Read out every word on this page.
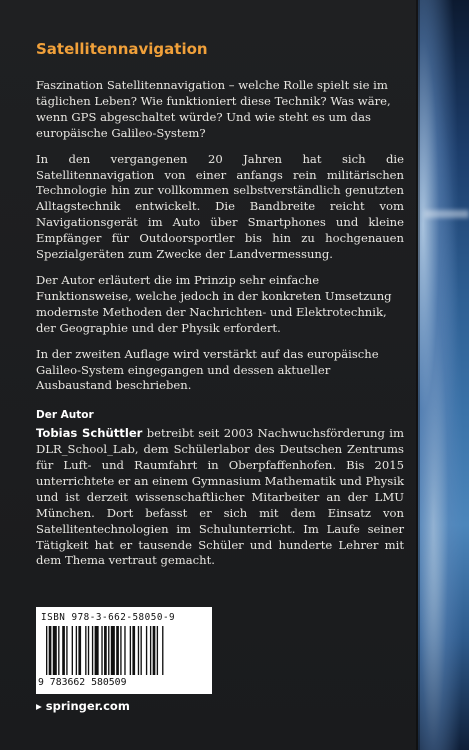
Satellitennavigation

Faszination Satellitennavigation – welche Rolle spielt sie im täglichen Leben? Wie funktioniert diese Technik? Was wäre, wenn GPS abgeschaltet würde? Und wie steht es um das europäische Galileo-System?

In den vergangenen 20 Jahren hat sich die Satellitennavigation von einer anfangs rein militärischen Technologie hin zur vollkommen selbstverständlich genutzten Alltagstechnik entwickelt. Die Bandbreite reicht vom Navigationsgerät im Auto über Smartphones und kleine Empfänger für Outdoorsportler bis hin zu hochgenauen Spezialgeräten zum Zwecke der Landvermessung.

Der Autor erläutert die im Prinzip sehr einfache Funktionsweise, welche jedoch in der konkreten Umsetzung modernste Methoden der Nachrichten- und Elektrotechnik, der Geographie und der Physik erfordert.

In der zweiten Auflage wird verstärkt auf das europäische Galileo-System eingegangen und dessen aktueller Ausbaustand beschrieben.

Der Autor

Tobias Schüttler betreibt seit 2003 Nachwuchsförderung im DLR_School_Lab, dem Schülerlabor des Deutschen Zentrums für Luft- und Raumfahrt in Oberpfaffenhofen. Bis 2015 unterrichtete er an einem Gymnasium Mathematik und Physik und ist derzeit wissenschaftlicher Mitarbeiter an der LMU München. Dort befasst er sich mit dem Einsatz von Satellitentechnologien im Schulunterricht. Im Laufe seiner Tätigkeit hat er tausende Schüler und hunderte Lehrer mit dem Thema vertraut gemacht.

ISBN 978-3-662-58050-9
9 783662 580509
▸ springer.com
